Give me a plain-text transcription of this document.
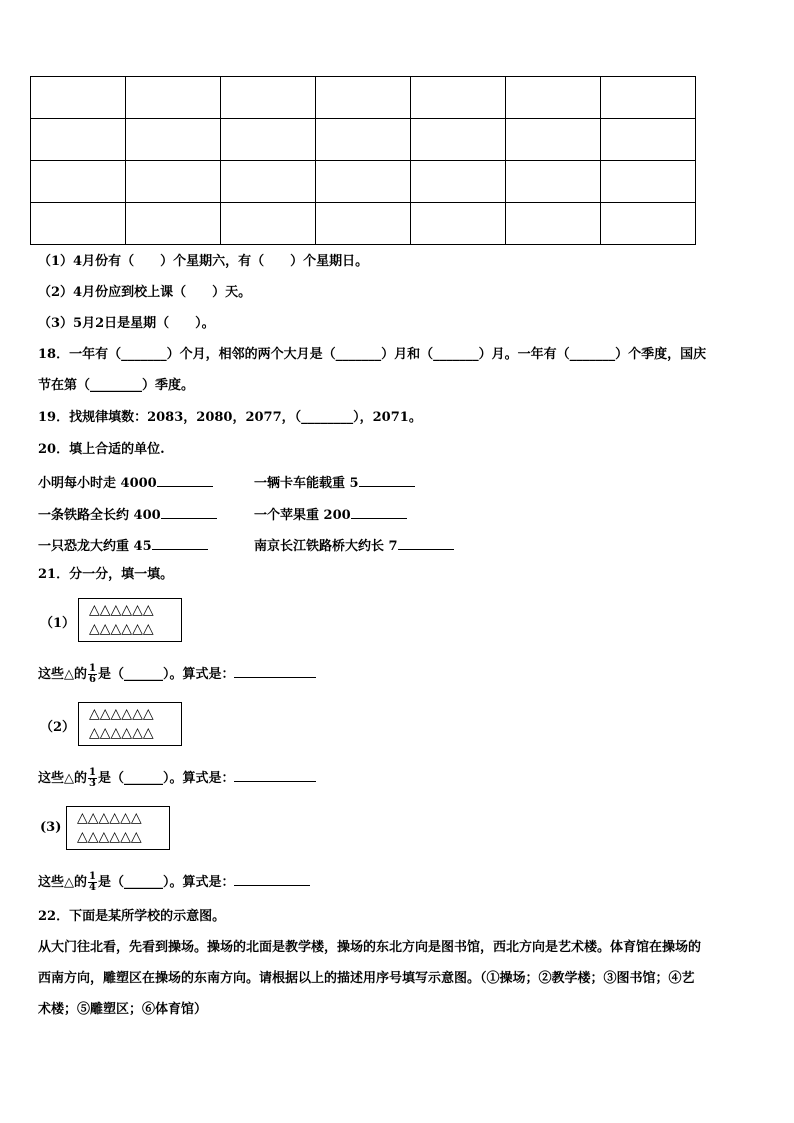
（1）4月份有（　　）个星期六，有（　　）个星期日。
（2）4月份应到校上课（　　）天。
（3）5月2日是星期（　　）。
18．一年有（_______）个月，相邻的两个大月是（_______）月和（_______）月。一年有（_______）个季度，国庆
节在第（________）季度。
19．找规律填数：2083，2080，2077，（________），2071。
20．填上合适的单位.
小明每小时走 4000	一辆卡车能载重 5
一条铁路全长约 400	一个苹果重 200
一只恐龙大约重 45	南京长江铁路桥大约长 7
21．分一分，填一填。
（1）
△△△△△△
△△△△△△
这些△的 $\frac{1}{6}$ 是（______）。算式是：
（2）
△△△△△△
△△△△△△
这些△的 $\frac{1}{3}$ 是（______）。算式是：
(3)
△△△△△△
△△△△△△
这些△的 $\frac{1}{4}$ 是（______）。算式是：
22．下面是某所学校的示意图。
从大门往北看，先看到操场。操场的北面是教学楼，操场的东北方向是图书馆，西北方向是艺术楼。体育馆在操场的
西南方向，雕塑区在操场的东南方向。请根据以上的描述用序号填写示意图。（①操场；②教学楼；③图书馆；④艺
术楼；⑤雕塑区；⑥体育馆）
